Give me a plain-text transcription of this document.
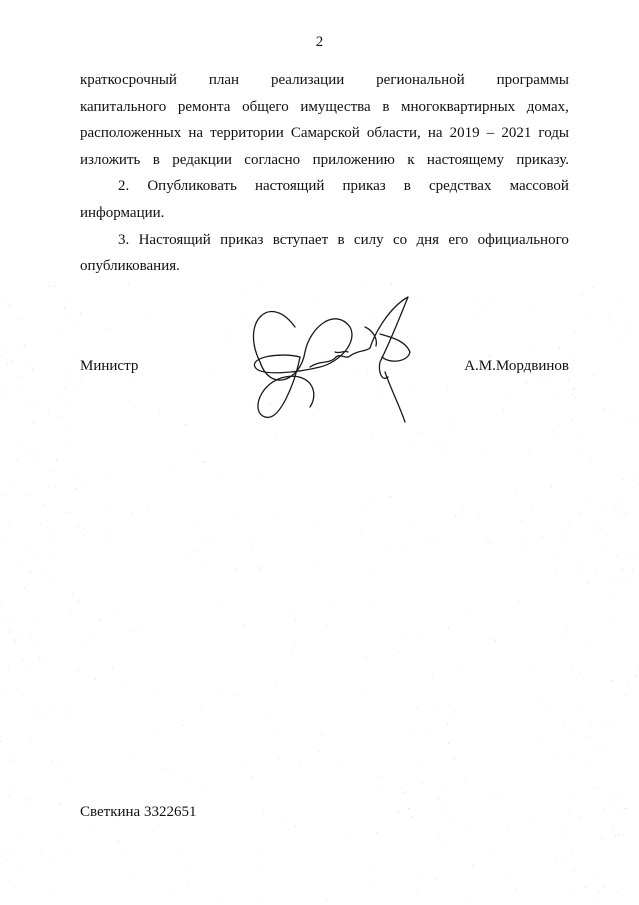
2

краткосрочный план реализации региональной программы
капитального ремонта общего имущества в многоквартирных домах,
расположенных на территории Самарской области, на 2019 – 2021 годы
изложить в редакции согласно приложению к настоящему приказу.

2. Опубликовать настоящий приказ в средствах массовой
информации.

3. Настоящий приказ вступает в силу со дня его официального
опубликования.

Министр	А.М.Мордвинов
Светкина 3322651
